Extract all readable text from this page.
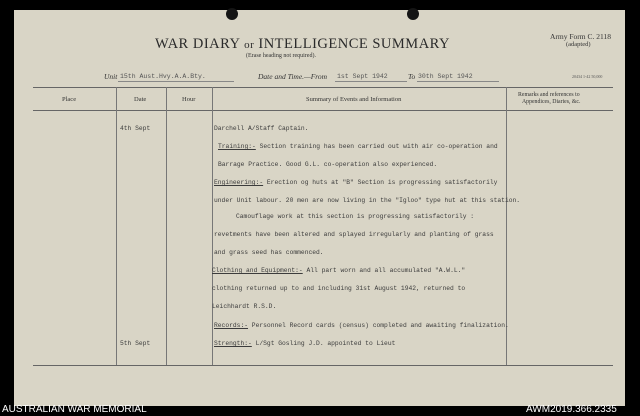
WAR DIARY or INTELLIGENCE SUMMARY
(Erase heading not required).
Army Form C. 2118
(adapted)
20434 1-42 50,000
Unit 15th Aust.Hvy.A.A.Bty.	Date and Time.—From 1st Sept 1942	To 30th Sept 1942
Place	Date	Hour	Summary of Events and Information
Remarks and references to
Appendices, Diaries, &c.
4th Sept	Darchell A/Staff Captain.
Training:- Section training has been carried out with air co-operation and
Barrage Practice. Good G.L. co-operation also experienced.
Engineering:- Erection og huts at "B" Section is progressing satisfactorily
under Unit labour. 20 men are now living in the "Igloo" type hut at this station.
Camouflage work at this section is progressing satisfactorily :
revetments have been altered and splayed irregularly and planting of grass
and grass seed has commenced.
Clothing and Equipment:- All part worn and all accumulated "A.W.L."
clothing returned up to and including 31st August 1942, returned to
Leichhardt R.S.D.
Records:- Personnel Record cards (census) completed and awaiting finalization.
5th Sept	Strength:- L/Sgt Gosling J.D. appointed to Lieut
AUSTRALIAN WAR MEMORIAL	AWM2019.366.2335
